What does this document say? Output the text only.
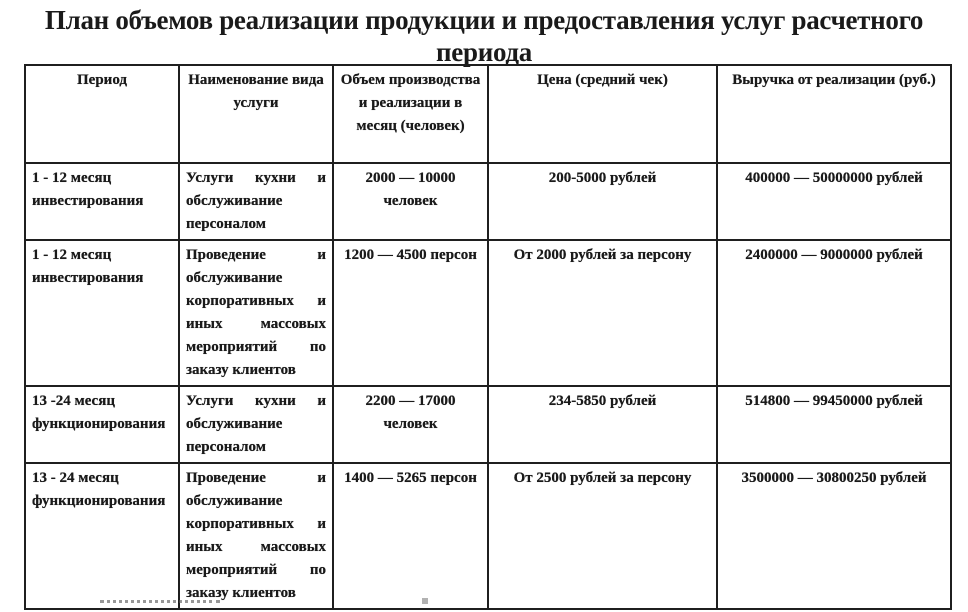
План объемов реализации продукции и предоставления услуг расчетного
периода
Период	Наименование вида услуги	Объем производства и реализации в месяц (человек)	Цена (средний чек)	Выручка от реализации (руб.)
1 - 12 месяц инвестирования	Услуги кухни и обслуживание персоналом	2000 — 10000 человек	200-5000 рублей	400000 — 50000000 рублей
1 - 12 месяц инвестирования	Проведение и обслуживание корпоративных и иных массовых мероприятий по заказу клиентов	1200 — 4500 персон	От 2000 рублей за персону	2400000 — 9000000 рублей
13 -24 месяц функционирования	Услуги кухни и обслуживание персоналом	2200 — 17000 человек	234-5850 рублей	514800 — 99450000 рублей
13 - 24 месяц функционирования	Проведение и обслуживание корпоративных и иных массовых мероприятий по заказу клиентов	1400 — 5265 персон	От 2500 рублей за персону	3500000 — 30800250 рублей
